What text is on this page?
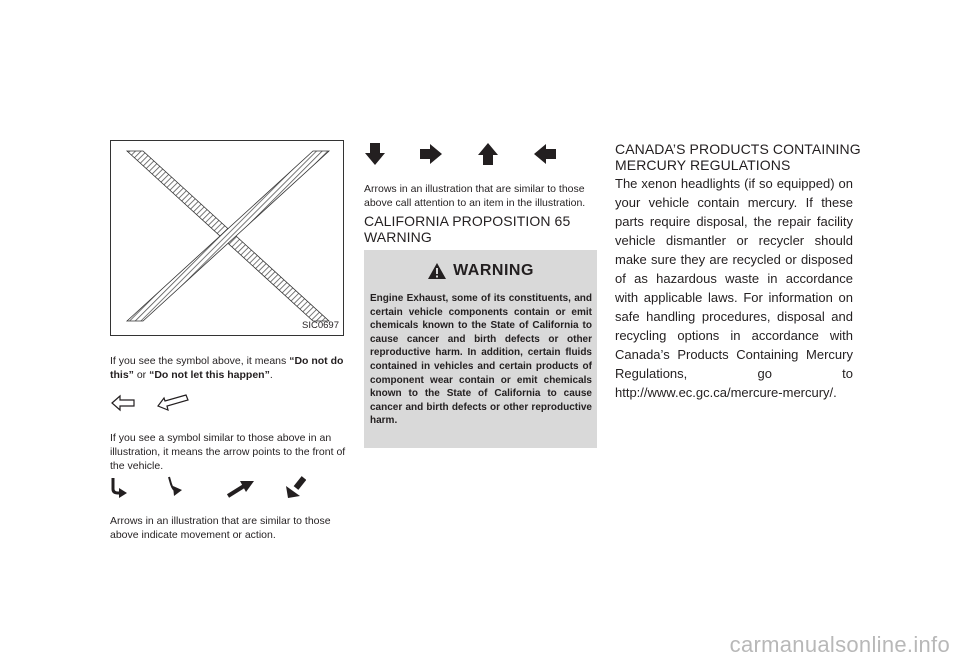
SIC0697
If you see the symbol above, it means “Do not do this” or “Do not let this happen”.
If you see a symbol similar to those above in an illustration, it means the arrow points to the front of the vehicle.
Arrows in an illustration that are similar to those above indicate movement or action.
Arrows in an illustration that are similar to those above call attention to an item in the illustration.
CALIFORNIA PROPOSITION 65
WARNING
WARNING
Engine Exhaust, some of its constituents, and certain vehicle components contain or emit chemicals known to the State of California to cause cancer and birth defects or other reproductive harm. In addition, certain fluids contained in vehicles and certain products of component wear contain or emit chemicals known to the State of California to cause cancer and birth defects or other reproductive harm.
CANADA’S PRODUCTS CONTAINING
MERCURY REGULATIONS
The xenon headlights (if so equipped) on your vehicle contain mercury. If these parts require disposal, the repair facility vehicle dismantler or recycler should make sure they are recycled or disposed of as hazardous waste in accordance with applicable laws. For information on safe handling procedures, disposal and recycling options in accordance with Canada’s Products Containing Mercury Regulations, go to http://www.ec.gc.ca/mercure-mercury/.
carmanualsonline.info
